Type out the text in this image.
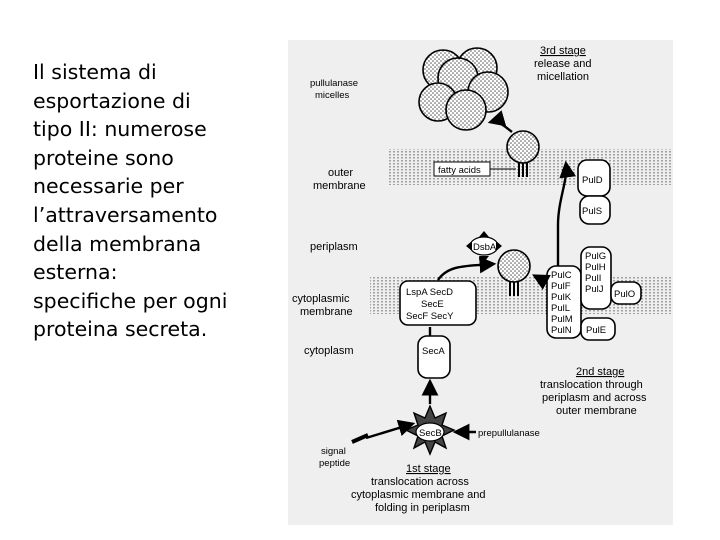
Il sistema di
esportazione di
tipo II: numerose
proteine sono
necessarie per
l’attraversamento
della membrana
esterna:
specifiche per ogni
proteina secreta.

fatty acids
PulD
PulS
PulC
PulF
PulK
PulL
PulM
PulN
PulG
PulH
PulI
PulJ PulO
PulE
LspA SecD
SecE
SecF SecY
SecA
SecB
DsbA
3rd stage
release and
micellation
2nd stage
translocation through
periplasm and across
outer membrane
1st stage
translocation across
cytoplasmic membrane and
folding in periplasm
pullulanase
micelles
outer
membrane
periplasm
cytoplasmic
membrane
cytoplasm
prepullulanase
signal
peptide
